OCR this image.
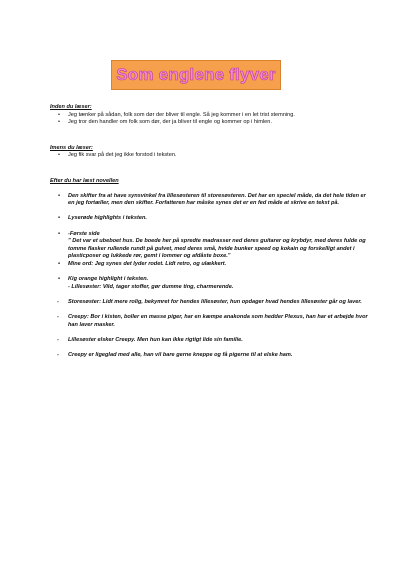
Som englene flyver

Inden du læser:

• Jeg tænker på sådan, folk som dør der bliver til engle. Så jeg kommer i en let trist stemning.
• Jeg tror den handler om folk som dør, der ja bliver til engle og kommer op i himlen.

Imens du læser:

• Jeg fik svar på det jeg ikke forstod i teksten.

Efter du har læst novellen

• Den skifter fra at have synsvinkel fra lillesøsteren til storesøsteren. Det har en speciel måde, da det hele tiden er en jeg fortæller, men den skifter. Forfatteren har måske synes det er en fed måde at skrive en tekst på.
• Lyserøde highlights i teksten.
• -Første side
" Det var et ubeboet hus. De boede her på spredte madrasser ned deres guitarer og krybdyr, med deres fulde og tomme flasker rullende rundt på gulvet, med deres små, hvide bunker speed og kokain og forskelligt andet i plasticposer og lukkede rør, gemt i lommer og afdåste boxe."
• Mine ord: Jeg synes det lyder rodet. Lidt retro, og ulækkert.
• Kig orange highlight i teksten.
- Lillesøster: Vild, tager stoffer, gør dumme ting, charmerende.
- Storesøster: Lidt mere rolig, bekymret for hendes lillesøster, hun opdager hvad hendes lillesøster går og laver.
- Creepy: Bor i kisten, boller en masse piger, har en kæmpe anakonda som hedder Plexus, han har et arbejde hvor han laver masker.
- Lillesøster elsker Creepy. Men hun kan ikke rigtigt lide sin familie.
- Creepy er ligeglad med alle, han vil bare gerne kneppe og få pigerne til at elske ham.
